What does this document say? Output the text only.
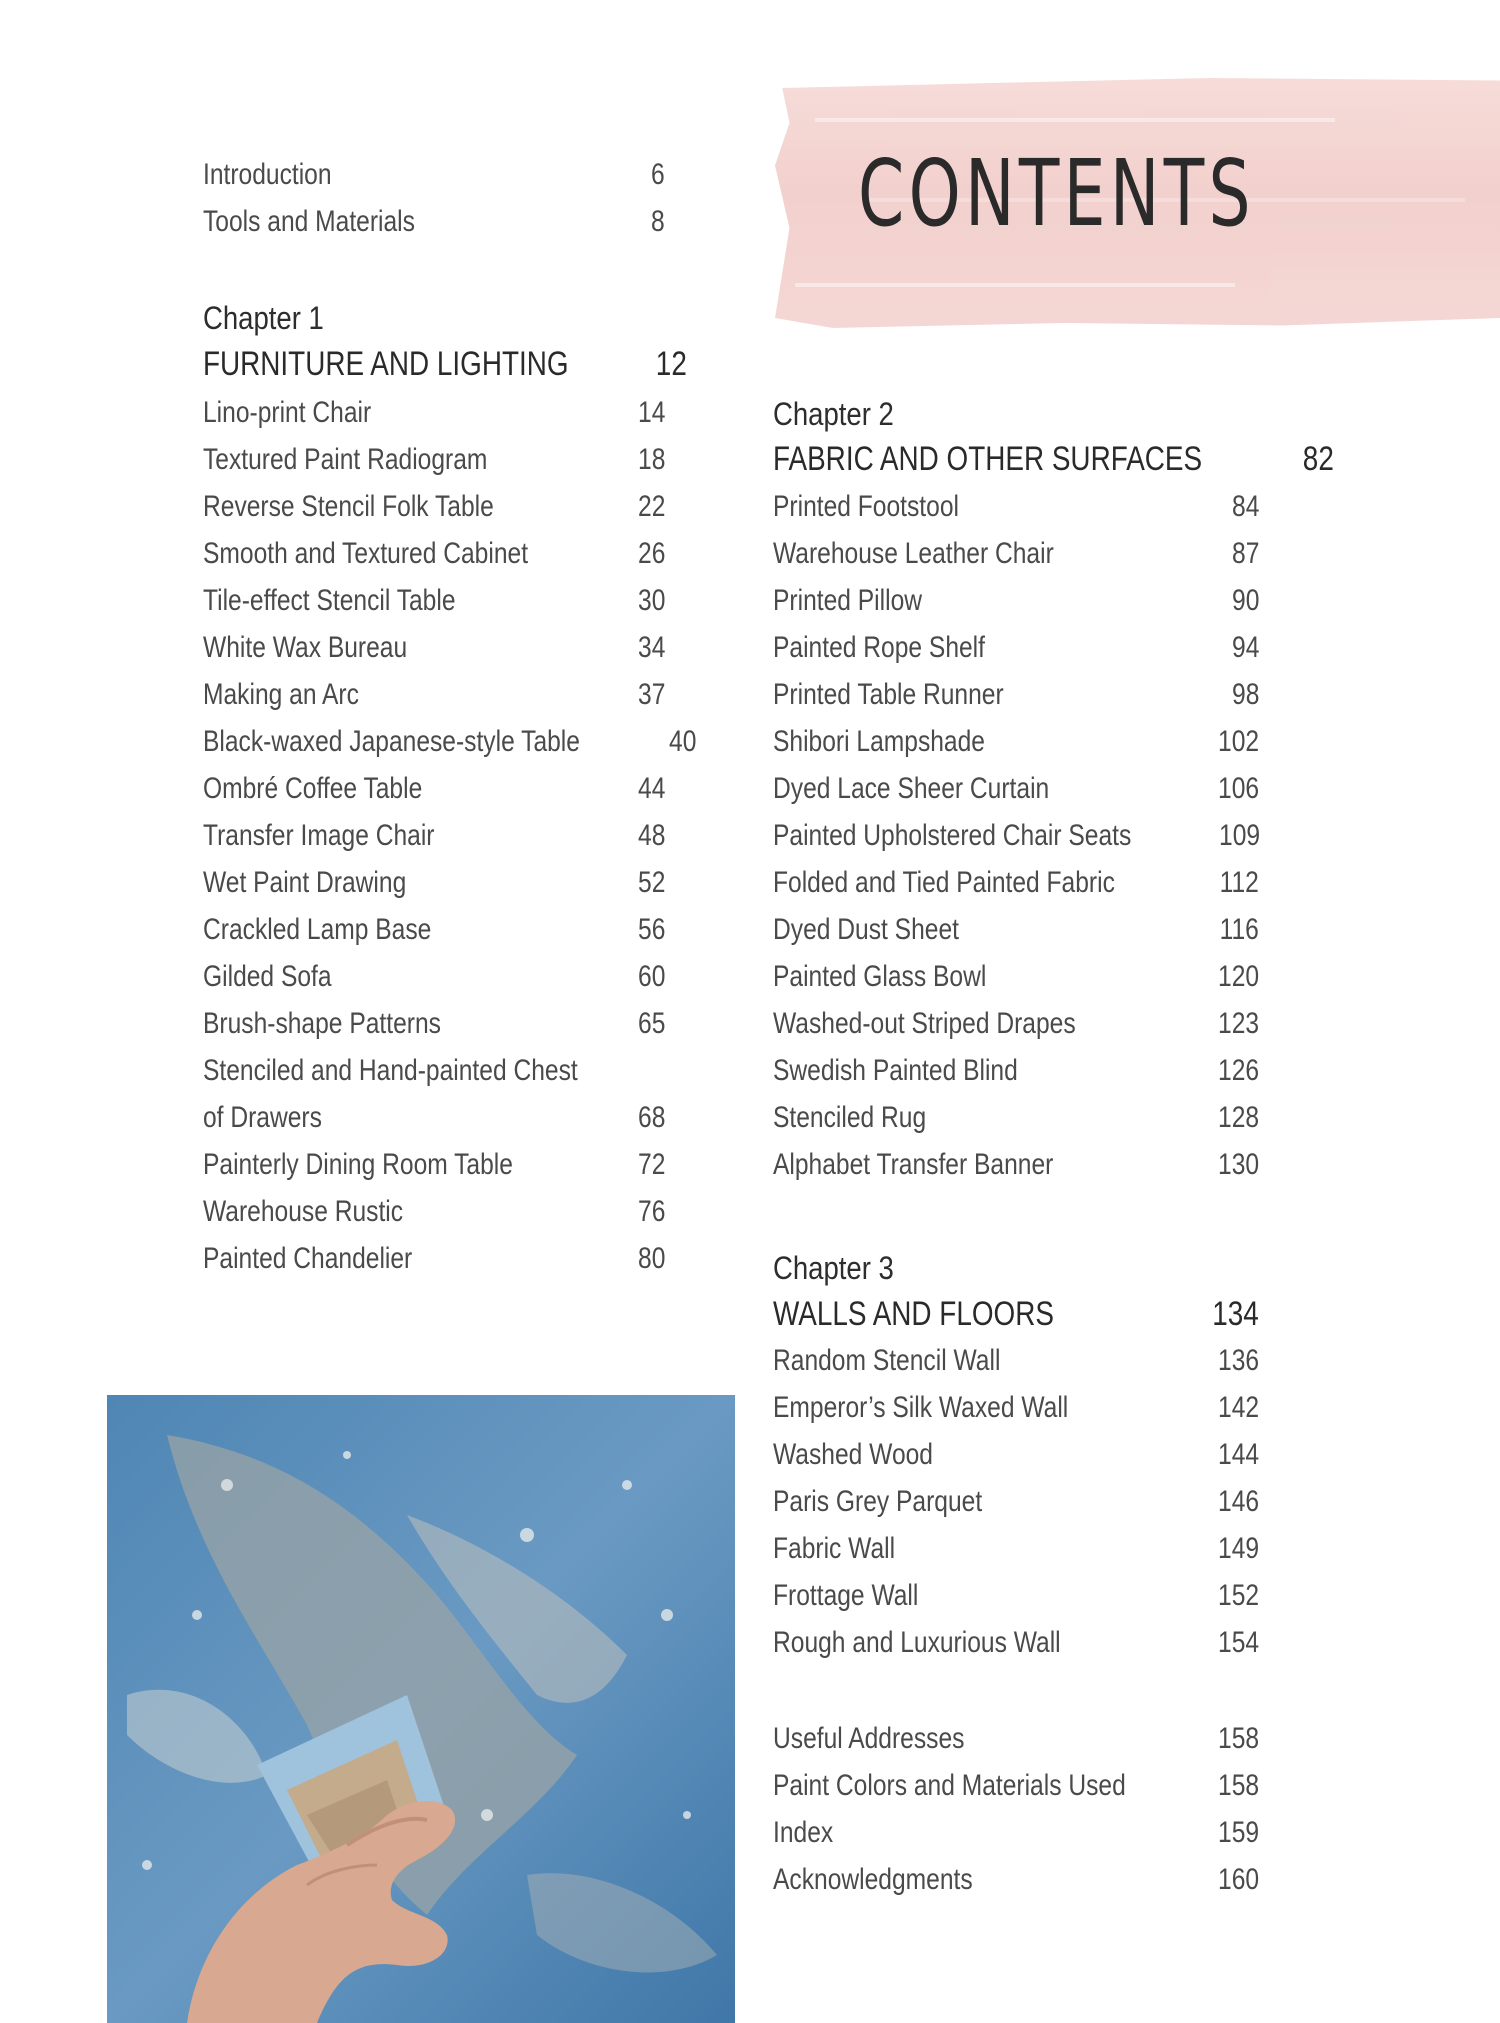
CONTENTS
Introduction	6
Tools and Materials	8
Chapter 1
FURNITURE AND LIGHTING	12
Lino-print Chair	14
Textured Paint Radiogram	18
Reverse Stencil Folk Table	22
Smooth and Textured Cabinet	26
Tile-effect Stencil Table	30
White Wax Bureau	34
Making an Arc	37
Black-waxed Japanese-style Table	40
Ombré Coffee Table	44
Transfer Image Chair	48
Wet Paint Drawing	52
Crackled Lamp Base	56
Gilded Sofa	60
Brush-shape Patterns	65
Stenciled and Hand-painted Chest
of Drawers	68
Painterly Dining Room Table	72
Warehouse Rustic	76
Painted Chandelier	80
Chapter 2
FABRIC AND OTHER SURFACES	82
Printed Footstool	84
Warehouse Leather Chair	87
Printed Pillow	90
Painted Rope Shelf	94
Printed Table Runner	98
Shibori Lampshade	102
Dyed Lace Sheer Curtain	106
Painted Upholstered Chair Seats	109
Folded and Tied Painted Fabric	112
Dyed Dust Sheet	116
Painted Glass Bowl	120
Washed-out Striped Drapes	123
Swedish Painted Blind	126
Stenciled Rug	128
Alphabet Transfer Banner	130
Chapter 3
WALLS AND FLOORS	134
Random Stencil Wall	136
Emperor’s Silk Waxed Wall	142
Washed Wood	144
Paris Grey Parquet	146
Fabric Wall	149
Frottage Wall	152
Rough and Luxurious Wall	154
Useful Addresses	158
Paint Colors and Materials Used	158
Index	159
Acknowledgments	160
